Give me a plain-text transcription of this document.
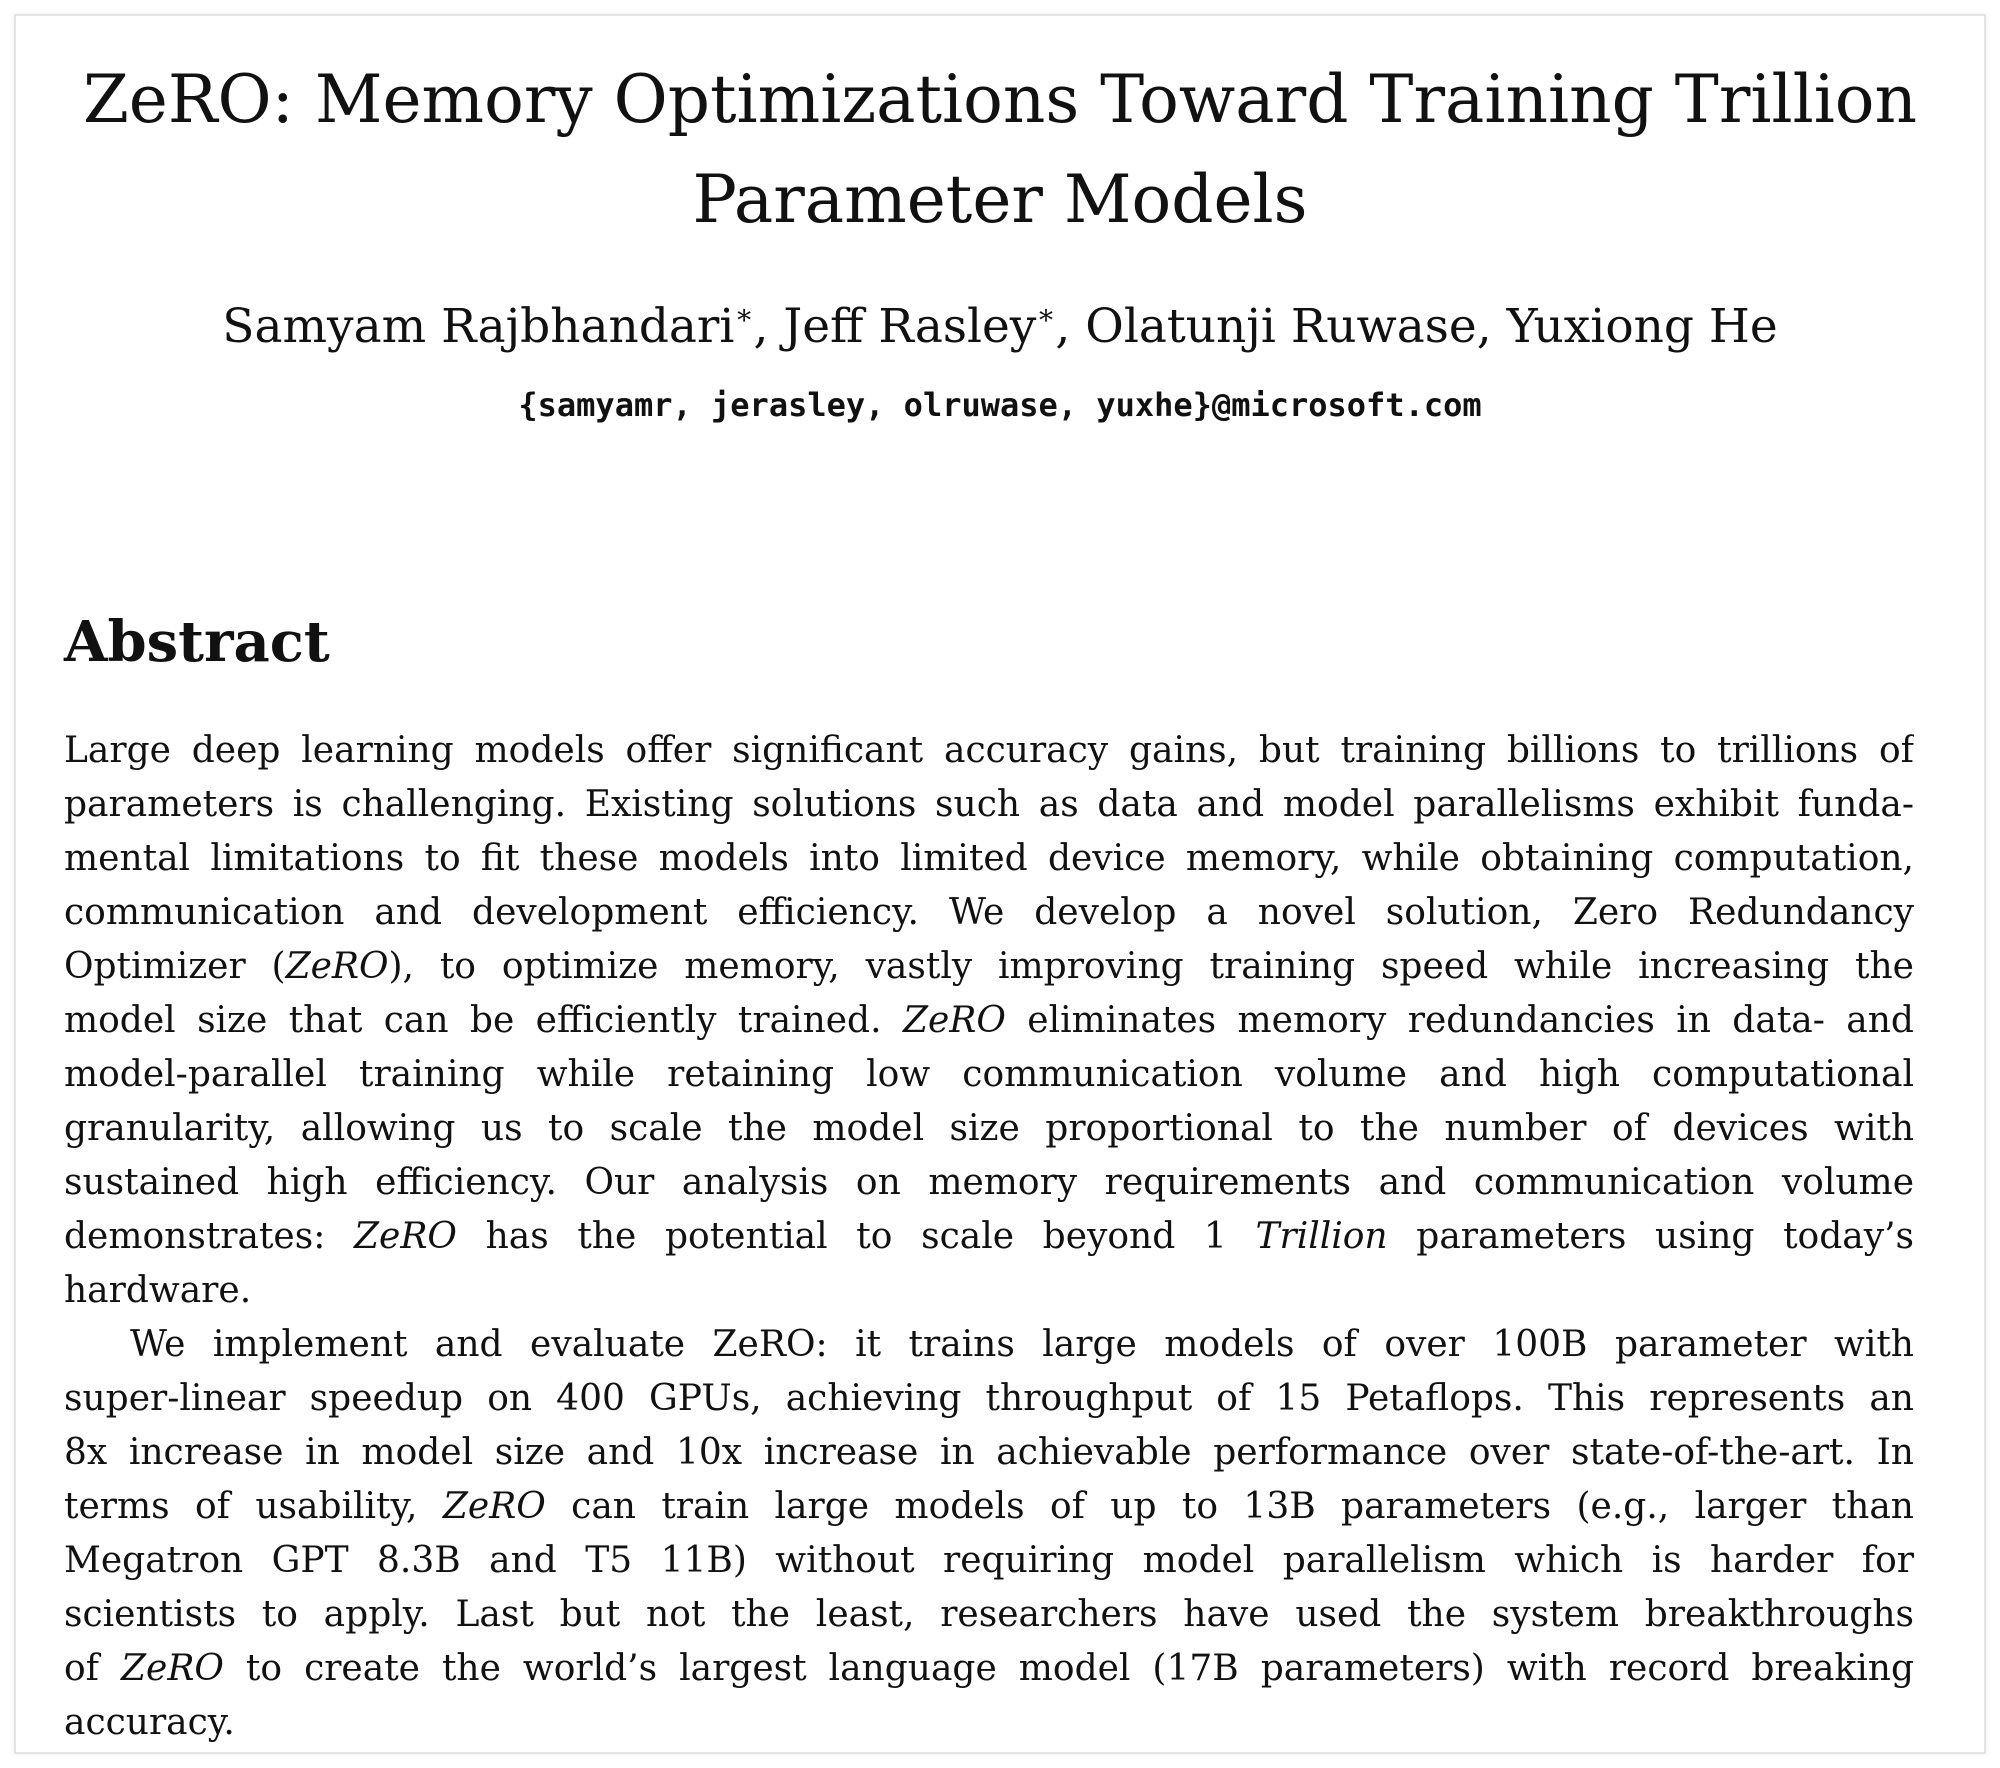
ZeRO: Memory Optimizations Toward Training Trillion Parameter Models
Samyam Rajbhandari∗, Jeff Rasley∗, Olatunji Ruwase, Yuxiong He
{samyamr, jerasley, olruwase, yuxhe}@microsoft.com
Abstract
Large deep learning models offer significant accuracy gains, but training billions to trillions of
parameters is challenging. Existing solutions such as data and model parallelisms exhibit funda-
mental limitations to fit these models into limited device memory, while obtaining computation,
communication and development efficiency. We develop a novel solution, Zero Redundancy
Optimizer (ZeRO), to optimize memory, vastly improving training speed while increasing the
model size that can be efficiently trained. ZeRO eliminates memory redundancies in data- and
model-parallel training while retaining low communication volume and high computational
granularity, allowing us to scale the model size proportional to the number of devices with
sustained high efficiency. Our analysis on memory requirements and communication volume
demonstrates: ZeRO has the potential to scale beyond 1 Trillion parameters using today’s
hardware.
We implement and evaluate ZeRO: it trains large models of over 100B parameter with
super-linear speedup on 400 GPUs, achieving throughput of 15 Petaflops. This represents an
8x increase in model size and 10x increase in achievable performance over state-of-the-art. In
terms of usability, ZeRO can train large models of up to 13B parameters (e.g., larger than
Megatron GPT 8.3B and T5 11B) without requiring model parallelism which is harder for
scientists to apply. Last but not the least, researchers have used the system breakthroughs
of ZeRO to create the world’s largest language model (17B parameters) with record breaking
accuracy.
